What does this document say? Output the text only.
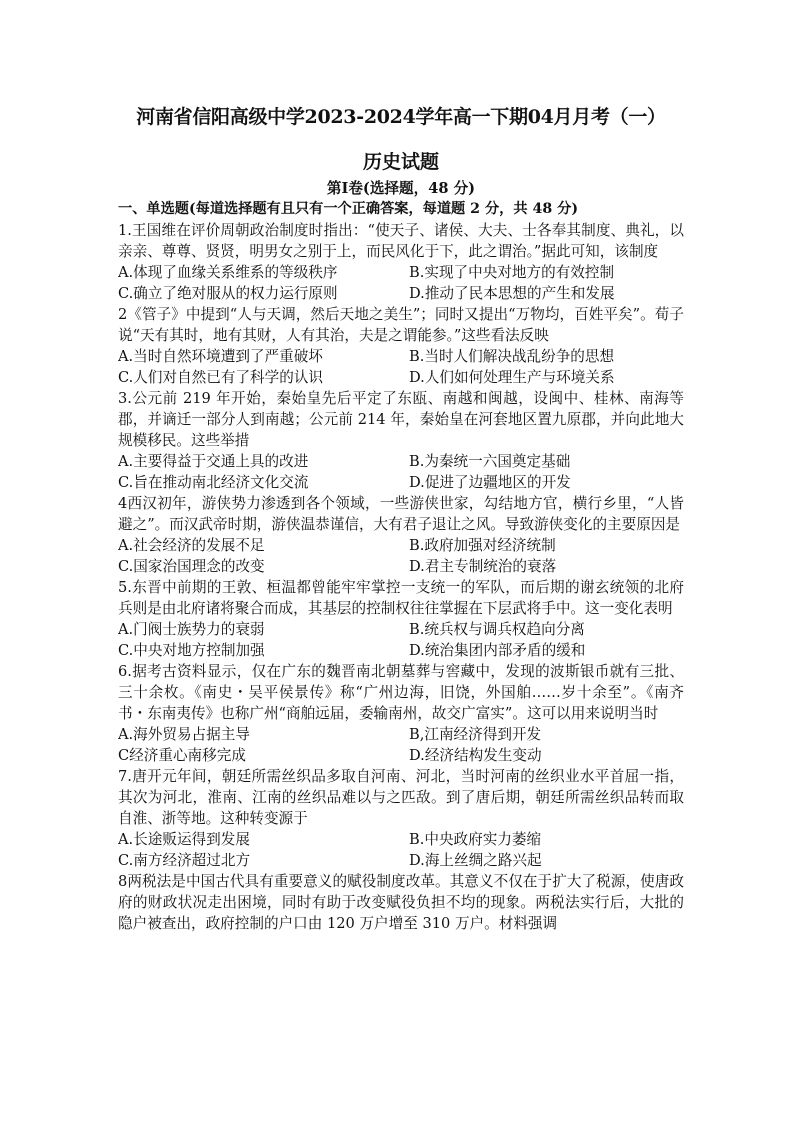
河南省信阳高级中学2023-2024学年高一下期04月月考（一）
历史试题
第Ⅰ卷(选择题，48 分)
一、单选题(每道选择题有且只有一个正确答案，每道题 2 分，共 48 分)

1.王国维在评价周朝政治制度时指出：“使天子、诸侯、大夫、士各奉其制度、典礼，以亲亲、尊尊、贤贤，明男女之别于上，而民风化于下，此之谓治。”据此可知，该制度

A.体现了血缘关系维系的等级秩序	B.实现了中央对地方的有效控制
C.确立了绝对服从的权力运行原则	D.推动了民本思想的产生和发展

2《管子》中提到“人与天调，然后天地之美生”；同时又提出“万物均，百姓平矣”。荀子说“天有其时，地有其财，人有其治，夫是之谓能参。”这些看法反映

A.当时自然环境遭到了严重破坏	B.当时人们解决战乱纷争的思想
C.人们对自然已有了科学的认识	D.人们如何处理生产与环境关系

3.公元前 219 年开始，秦始皇先后平定了东瓯、南越和闽越，设闽中、桂林、南海等郡，并谪迁一部分人到南越；公元前 214 年，秦始皇在河套地区置九原郡，并向此地大规模移民。这些举措

A.主要得益于交通上具的改进	B.为秦统一六国奠定基础
C.旨在推动南北经济文化交流	D.促进了边疆地区的开发

4西汉初年，游侠势力渗透到各个领域，一些游侠世家，勾结地方官，横行乡里，“人皆避之”。而汉武帝时期，游侠温恭谨信，大有君子退让之风。导致游侠变化的主要原因是

A.社会经济的发展不足	B.政府加强对经济统制
C.国家治国理念的改变	D.君主专制统治的衰落

5.东晋中前期的王敦、桓温都曾能牢牢掌控一支统一的军队，而后期的谢玄统领的北府兵则是由北府诸将聚合而成，其基层的控制权往往掌握在下层武将手中。这一变化表明

A.门阀士族势力的衰弱	B.统兵权与调兵权趋向分离
C.中央对地方控制加强	D.统治集团内部矛盾的缓和

6.据考古资料显示，仅在广东的魏晋南北朝墓葬与窖藏中，发现的波斯银币就有三批、三十余枚。《南史・吴平侯景传》称“广州边海，旧饶，外国舶……岁十余至”。《南齐书・东南夷传》也称广州“商舶远届，委输南州，故交广富实”。这可以用来说明当时

A.海外贸易占据主导	B,江南经济得到开发
C经济重心南移完成	D.经济结构发生变动

7.唐开元年间，朝廷所需丝织品多取自河南、河北，当时河南的丝织业水平首屈一指，其次为河北，淮南、江南的丝织品难以与之匹敌。到了唐后期，朝廷所需丝织品转而取自淮、浙等地。这种转变源于

A.长途贩运得到发展	B.中央政府实力萎缩
C.南方经济超过北方	D.海上丝绸之路兴起

8两税法是中国古代具有重要意义的赋役制度改革。其意义不仅在于扩大了税源，使唐政府的财政状况走出困境，同时有助于改变赋役负担不均的现象。两税法实行后，大批的隐户被查出，政府控制的户口由 120 万户增至 310 万户。材料强调
